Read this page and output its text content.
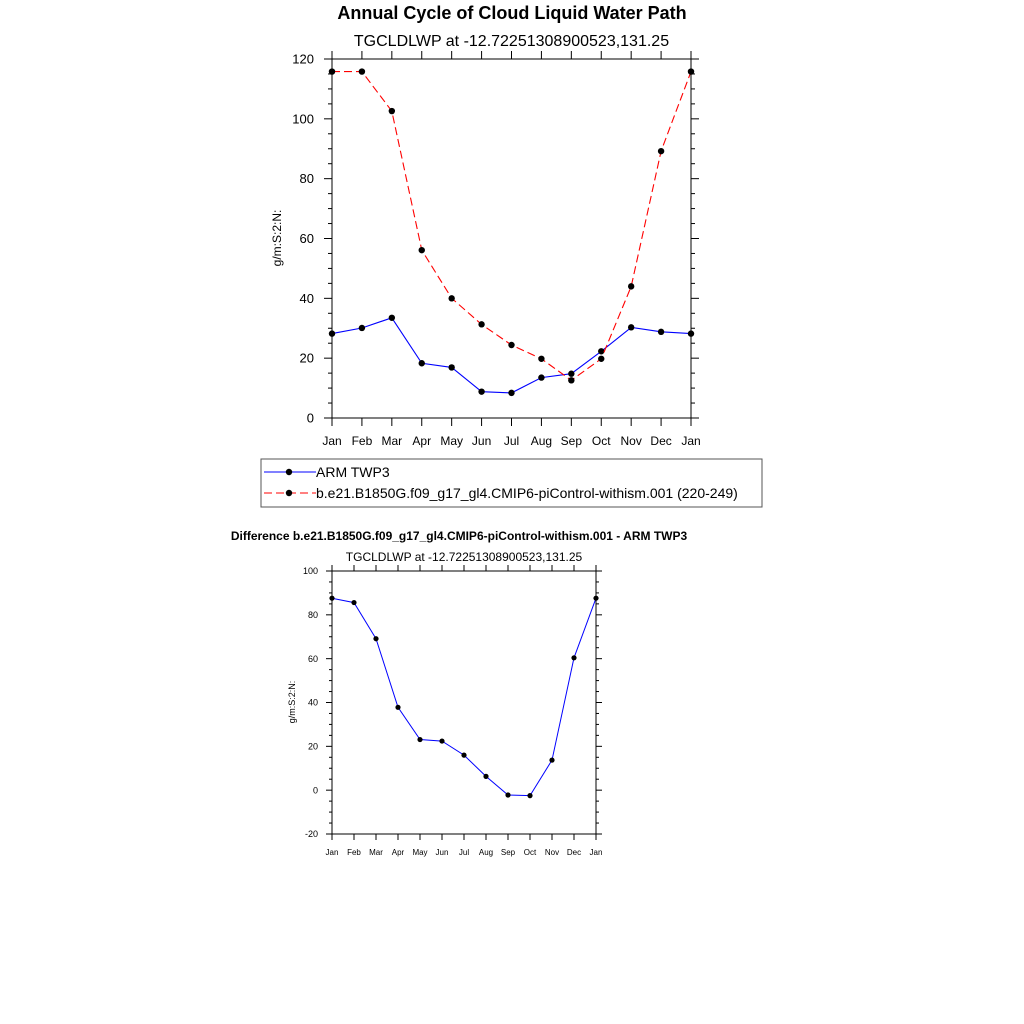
Annual Cycle of Cloud Liquid Water Path
Difference b.e21.B1850G.f09_g17_gl4.CMIP6-piControl-withism.001 - ARM TWP3
TGCLDLWP at -12.72251308900523,131.25
0
20
40
60
80
100
120
Jan Feb Mar Apr May Jun Jul Aug Sep Oct Nov Dec Jan
g/m:S:2:N:
ARM TWP3
b.e21.B1850G.f09_g17_gl4.CMIP6-piControl-withism.001 (220-249)
TGCLDLWP at -12.72251308900523,131.25
-20
0
20
40
60
80
100
Jan Feb Mar Apr May Jun Jul Aug Sep Oct Nov Dec Jan
g/m:S:2:N:
